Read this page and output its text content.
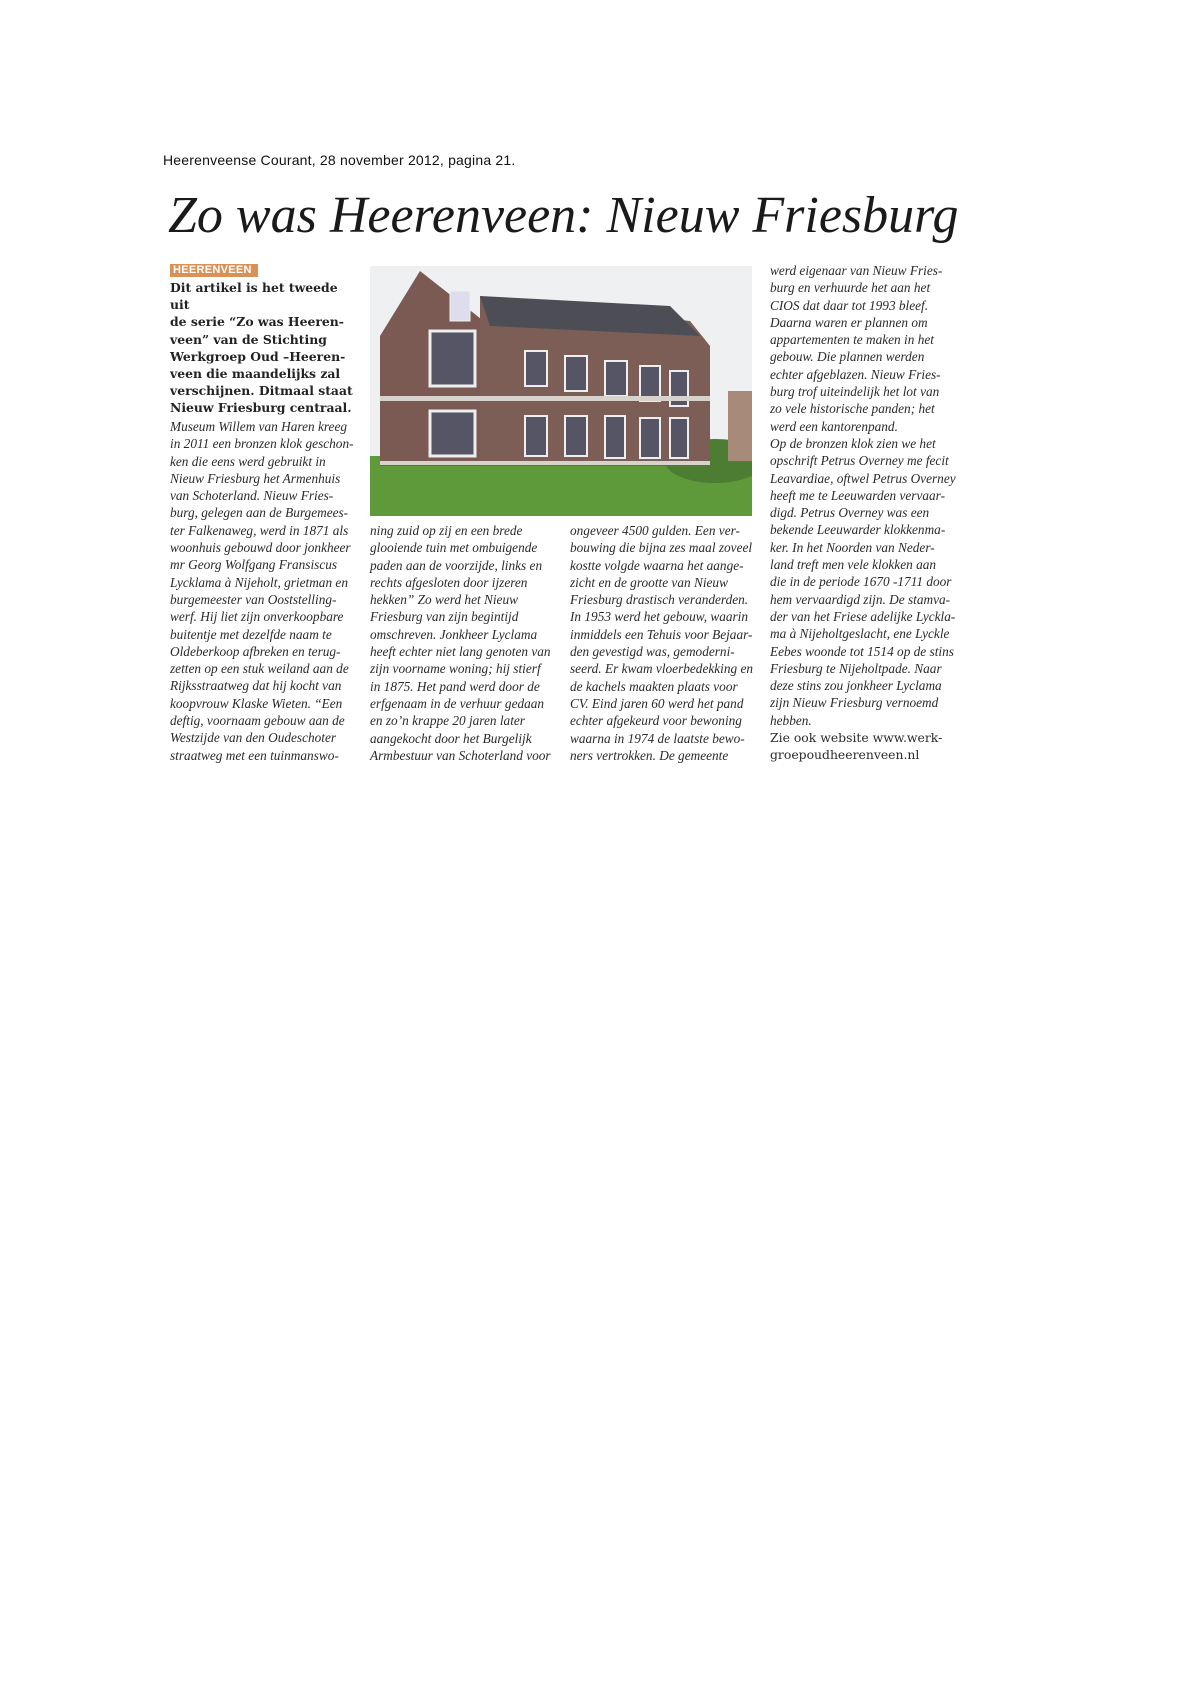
Heerenveense Courant, 28 november 2012, pagina 21.
Zo was Heerenveen: Nieuw Friesburg
HEERENVEEN
Dit artikel is het tweede uit
de serie “Zo was Heeren-
veen” van de Stichting
Werkgroep Oud –Heeren-
veen die maandelijks zal
verschijnen. Ditmaal staat
Nieuw Friesburg centraal.
Museum Willem van Haren kreeg
in 2011 een bronzen klok geschon-
ken die eens werd gebruikt in
Nieuw Friesburg het Armenhuis
van Schoterland. Nieuw Fries-
burg, gelegen aan de Burgemees-
ter Falkenaweg, werd in 1871 als
woonhuis gebouwd door jonkheer
mr Georg Wolfgang Fransiscus
Lycklama à Nijeholt, grietman en
burgemeester van Ooststelling-
werf. Hij liet zijn onverkoopbare
buitentje met dezelfde naam te
Oldeberkoop afbreken en terug-
zetten op een stuk weiland aan de
Rijksstraatweg dat hij kocht van
koopvrouw Klaske Wieten. “Een
deftig, voornaam gebouw aan de
Westzijde van den Oudeschoter
straatweg met een tuinmanswo-
ning zuid op zij en een brede
glooiende tuin met ombuigende
paden aan de voorzijde, links en
rechts afgesloten door ijzeren
hekken” Zo werd het Nieuw
Friesburg van zijn begintijd
omschreven. Jonkheer Lyclama
heeft echter niet lang genoten van
zijn voorname woning; hij stierf
in 1875. Het pand werd door de
erfgenaam in de verhuur gedaan
en zo’n krappe 20 jaren later
aangekocht door het Burgelijk
Armbestuur van Schoterland voor
ongeveer 4500 gulden. Een ver-
bouwing die bijna zes maal zoveel
kostte volgde waarna het aange-
zicht en de grootte van Nieuw
Friesburg drastisch veranderden.
In 1953 werd het gebouw, waarin
inmiddels een Tehuis voor Bejaar-
den gevestigd was, gemoderni-
seerd. Er kwam vloerbedekking en
de kachels maakten plaats voor
CV. Eind jaren 60 werd het pand
echter afgekeurd voor bewoning
waarna in 1974 de laatste bewo-
ners vertrokken. De gemeente
werd eigenaar van Nieuw Fries-
burg en verhuurde het aan het
CIOS dat daar tot 1993 bleef.
Daarna waren er plannen om
appartementen te maken in het
gebouw. Die plannen werden
echter afgeblazen. Nieuw Fries-
burg trof uiteindelijk het lot van
zo vele historische panden; het
werd een kantorenpand.
Op de bronzen klok zien we het
opschrift Petrus Overney me fecit
Leavardiae, oftwel Petrus Overney
heeft me te Leeuwarden vervaar-
digd. Petrus Overney was een
bekende Leeuwarder klokkenma-
ker. In het Noorden van Neder-
land treft men vele klokken aan
die in de periode 1670 -1711 door
hem vervaardigd zijn. De stamva-
der van het Friese adelijke Lyckla-
ma à Nijeholtgeslacht, ene Lyckle
Eebes woonde tot 1514 op de stins
Friesburg te Nijeholtpade. Naar
deze stins zou jonkheer Lyclama
zijn Nieuw Friesburg vernoemd
hebben.
Zie ook website www.werk-
groepoudheerenveen.nl
